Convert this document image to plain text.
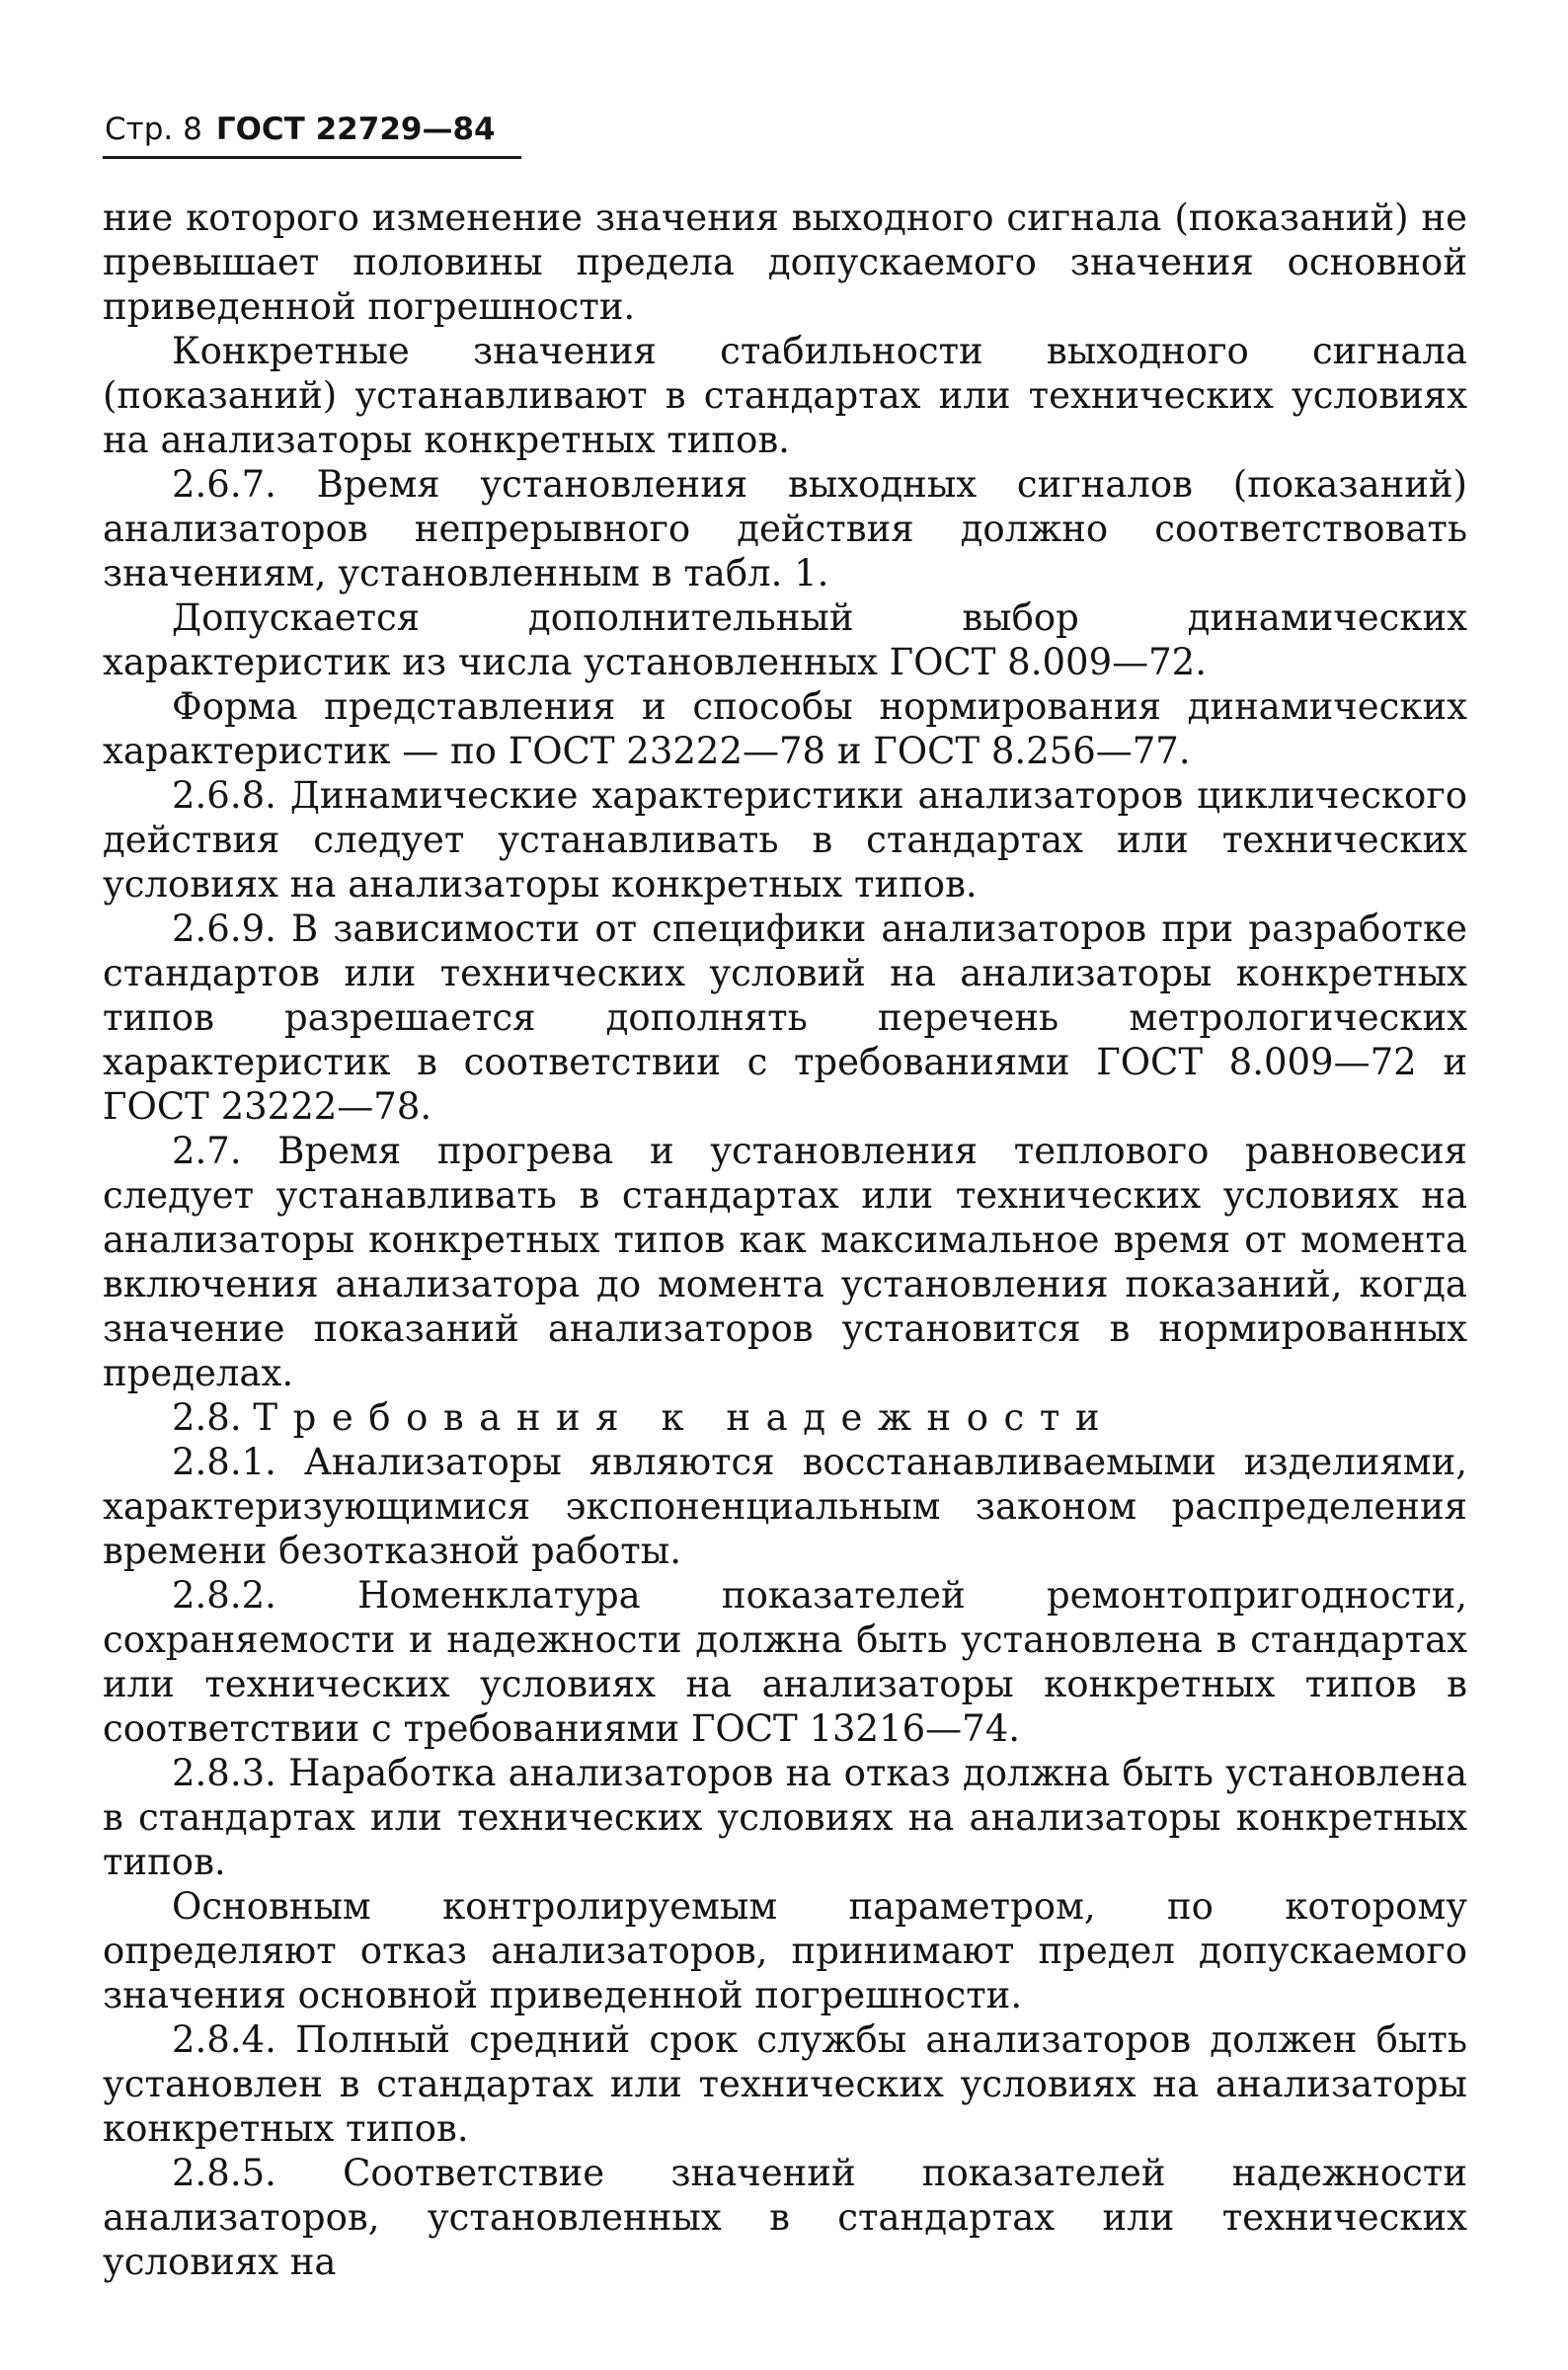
Стр. 8 ГОСТ 22729—84

ние которого изменение значения выходного сигнала (показаний) не превышает половины предела допускаемого значения основной приведенной погрешности.

Конкретные значения стабильности выходного сигнала (показаний) устанавливают в стандартах или технических условиях на анализаторы конкретных типов.

2.6.7. Время установления выходных сигналов (показаний) анализаторов непрерывного действия должно соответствовать значениям, установленным в табл. 1.

Допускается дополнительный выбор динамических характеристик из числа установленных ГОСТ 8.009—72.

Форма представления и способы нормирования динамических характеристик — по ГОСТ 23222—78 и ГОСТ 8.256—77.

2.6.8. Динамические характеристики анализаторов циклического действия следует устанавливать в стандартах или технических условиях на анализаторы конкретных типов.

2.6.9. В зависимости от специфики анализаторов при разработке стандартов или технических условий на анализаторы конкретных типов разрешается дополнять перечень метрологических характеристик в соответствии с требованиями ГОСТ 8.009—72 и ГОСТ 23222—78.

2.7. Время прогрева и установления теплового равновесия следует устанавливать в стандартах или технических условиях на анализаторы конкретных типов как максимальное время от момента включения анализатора до момента установления показаний, когда значение показаний анализаторов установится в нормированных пределах.

2.8. Требования к надежности

2.8.1. Анализаторы являются восстанавливаемыми изделиями, характеризующимися экспоненциальным законом распределения времени безотказной работы.

2.8.2. Номенклатура показателей ремонтопригодности, сохраняемости и надежности должна быть установлена в стандартах или технических условиях на анализаторы конкретных типов в соответствии с требованиями ГОСТ 13216—74.

2.8.3. Наработка анализаторов на отказ должна быть установлена в стандартах или технических условиях на анализаторы конкретных типов.

Основным контролируемым параметром, по которому определяют отказ анализаторов, принимают предел допускаемого значения основной приведенной погрешности.

2.8.4. Полный средний срок службы анализаторов должен быть установлен в стандартах или технических условиях на анализаторы конкретных типов.

2.8.5. Соответствие значений показателей надежности анализаторов, установленных в стандартах или технических условиях на
